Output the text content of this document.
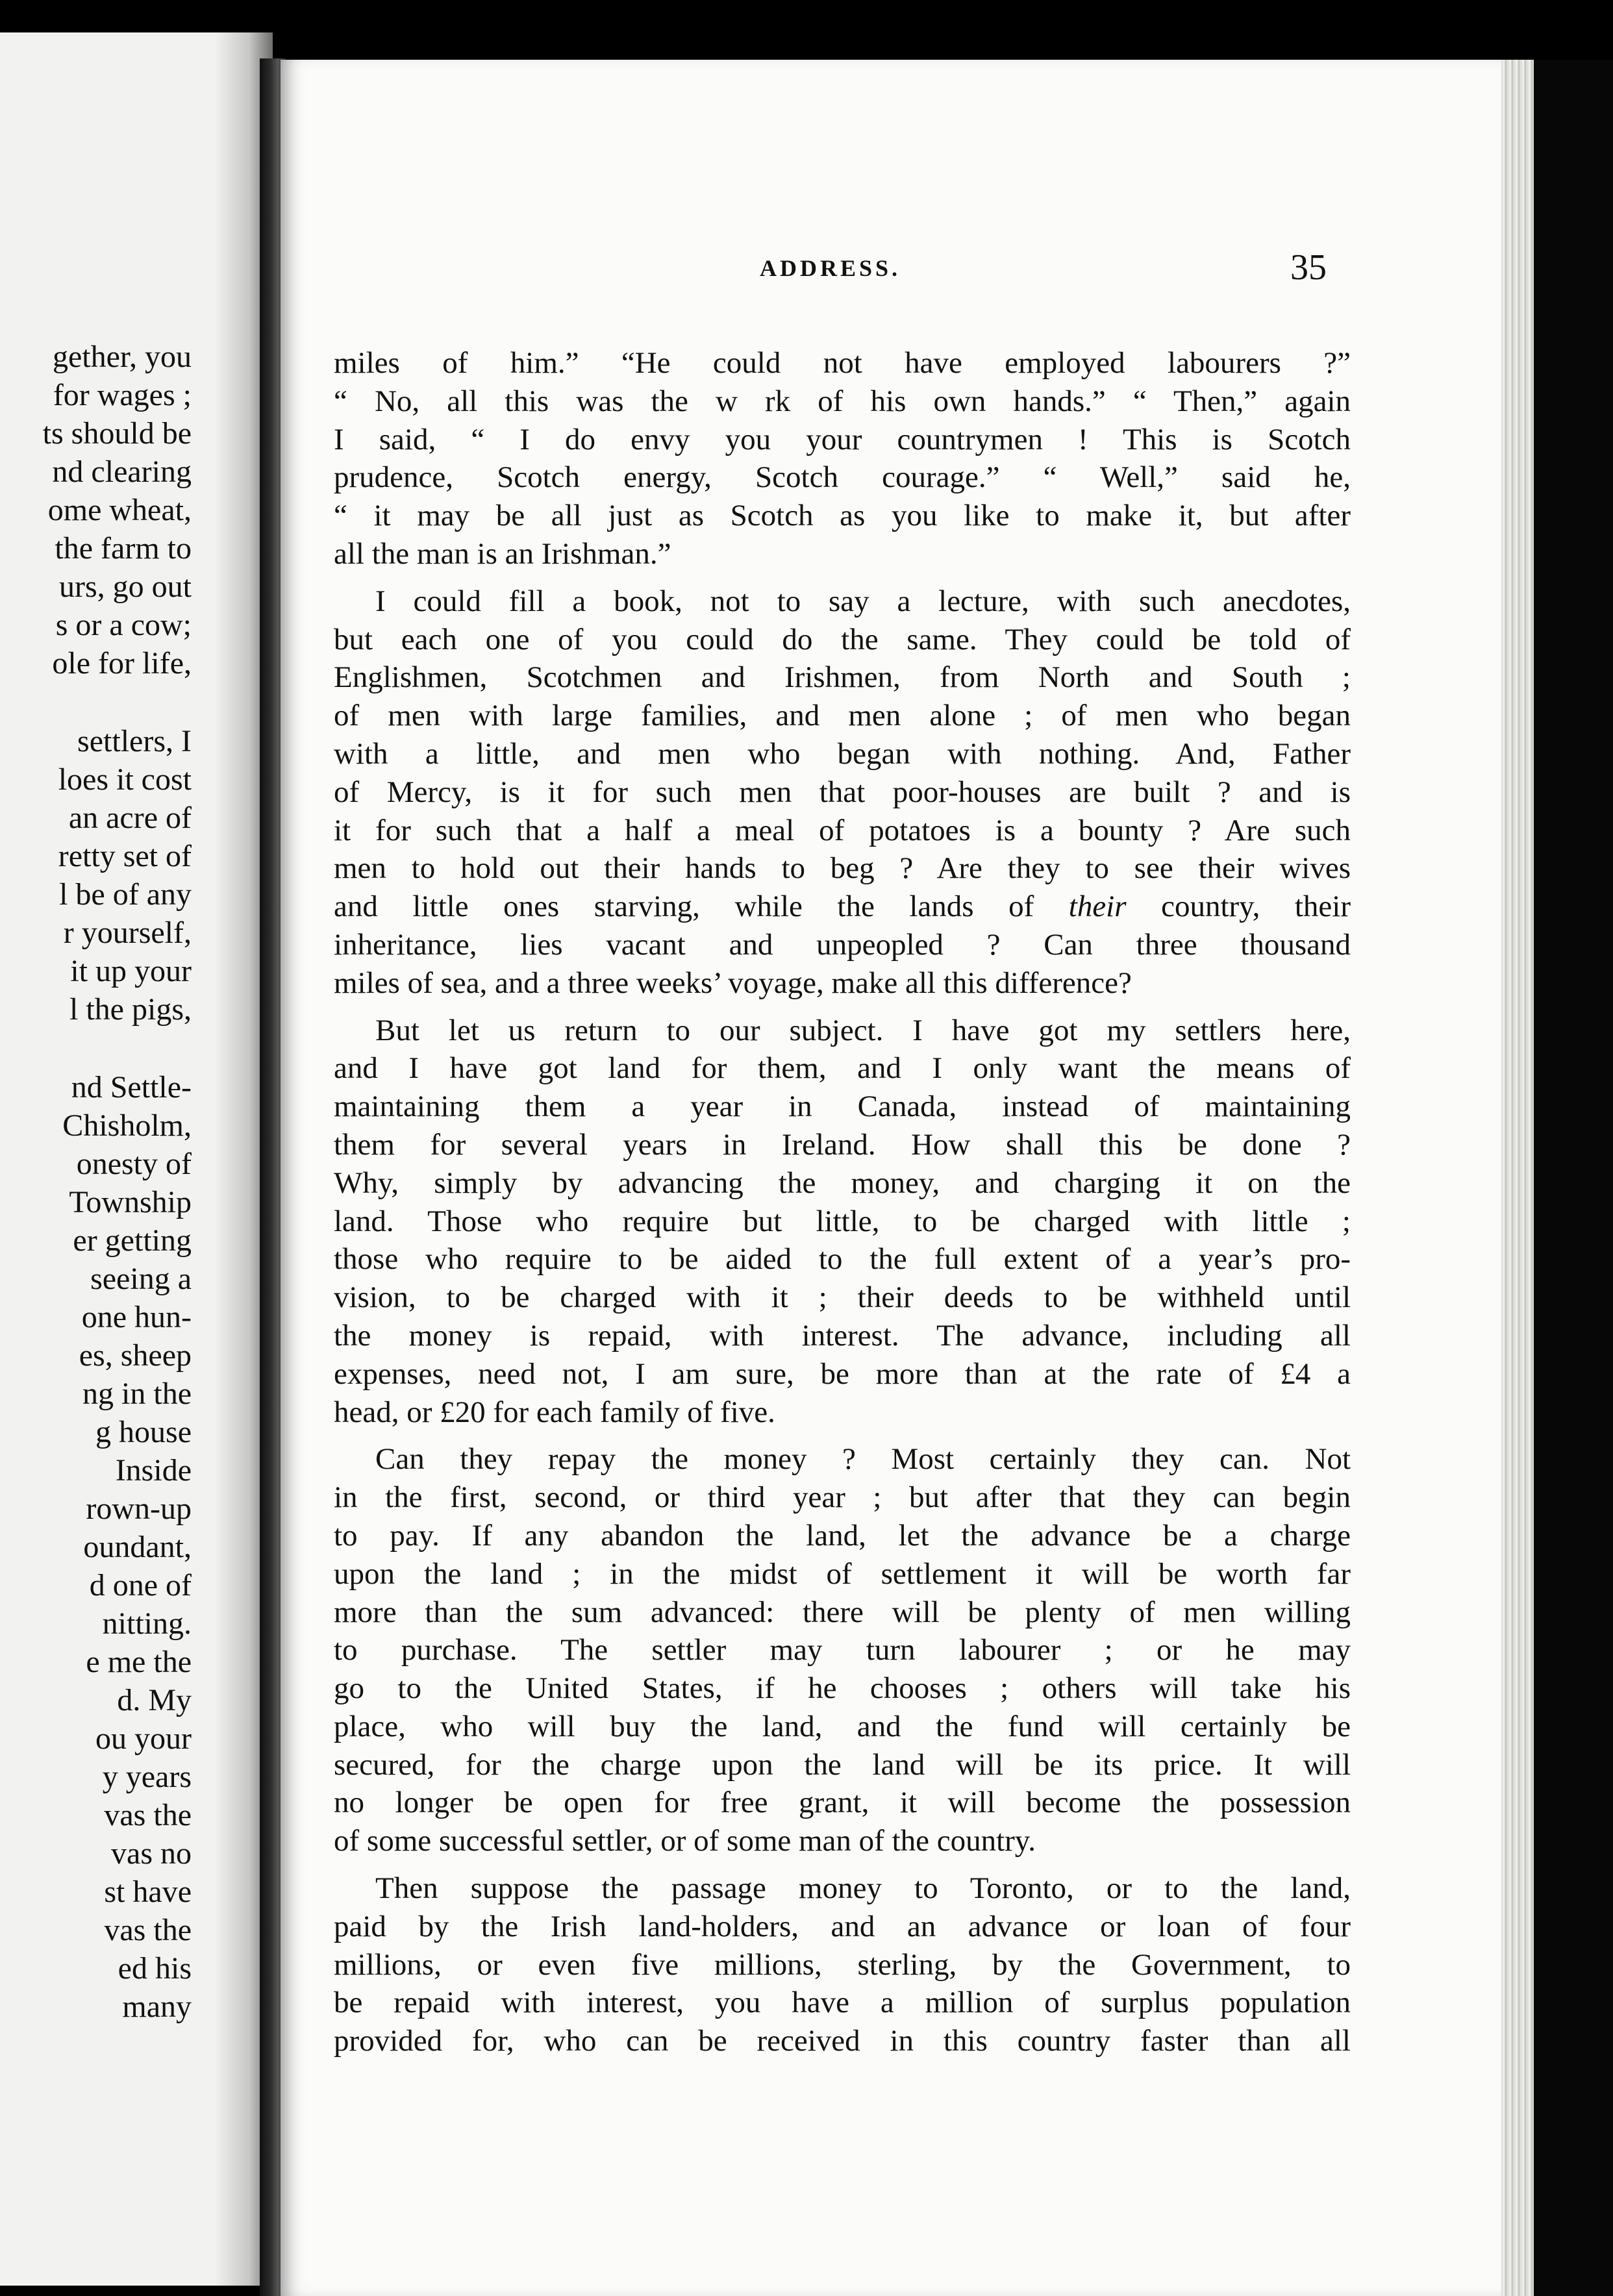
gether, you
for wages ;
ts should be
nd clearing
ome wheat,
the farm to
urs, go out
s or a cow;
ole for life,
settlers, I
loes it cost
an acre of
retty set of
l be of any
r yourself,
it up your
l the pigs,
nd Settle-
Chisholm,
onesty of
Township
er getting
seeing a
one hun-
es, sheep
ng in the
g house
Inside
rown-up
oundant,
d one of
nitting.
e me the
d. My
ou your
y years
vas the
vas no
st have
vas the
ed his
many
ADDRESS.	35
miles of him.” “He could not have employed labourers ?”
“ No, all this was the w rk of his own hands.” “ Then,” again
I said, “ I do envy you your countrymen ! This is Scotch
prudence, Scotch energy, Scotch courage.” “ Well,” said he,
“ it may be all just as Scotch as you like to make it, but after
all the man is an Irishman.”
I could fill a book, not to say a lecture, with such anecdotes,
but each one of you could do the same. They could be told of
Englishmen, Scotchmen and Irishmen, from North and South ;
of men with large families, and men alone ; of men who began
with a little, and men who began with nothing. And, Father
of Mercy, is it for such men that poor-houses are built ? and is
it for such that a half a meal of potatoes is a bounty ? Are such
men to hold out their hands to beg ? Are they to see their wives
and little ones starving, while the lands of their country, their
inheritance, lies vacant and unpeopled ? Can three thousand
miles of sea, and a three weeks’ voyage, make all this difference?
But let us return to our subject. I have got my settlers here,
and I have got land for them, and I only want the means of
maintaining them a year in Canada, instead of maintaining
them for several years in Ireland. How shall this be done ?
Why, simply by advancing the money, and charging it on the
land. Those who require but little, to be charged with little ;
those who require to be aided to the full extent of a year’s pro-
vision, to be charged with it ; their deeds to be withheld until
the money is repaid, with interest. The advance, including all
expenses, need not, I am sure, be more than at the rate of £4 a
head, or £20 for each family of five.
Can they repay the money ? Most certainly they can. Not
in the first, second, or third year ; but after that they can begin
to pay. If any abandon the land, let the advance be a charge
upon the land ; in the midst of settlement it will be worth far
more than the sum advanced: there will be plenty of men willing
to purchase. The settler may turn labourer ; or he may
go to the United States, if he chooses ; others will take his
place, who will buy the land, and the fund will certainly be
secured, for the charge upon the land will be its price. It will
no longer be open for free grant, it will become the possession
of some successful settler, or of some man of the country.
Then suppose the passage money to Toronto, or to the land,
paid by the Irish land-holders, and an advance or loan of four
millions, or even five millions, sterling, by the Government, to
be repaid with interest, you have a million of surplus population
provided for, who can be received in this country faster than all
